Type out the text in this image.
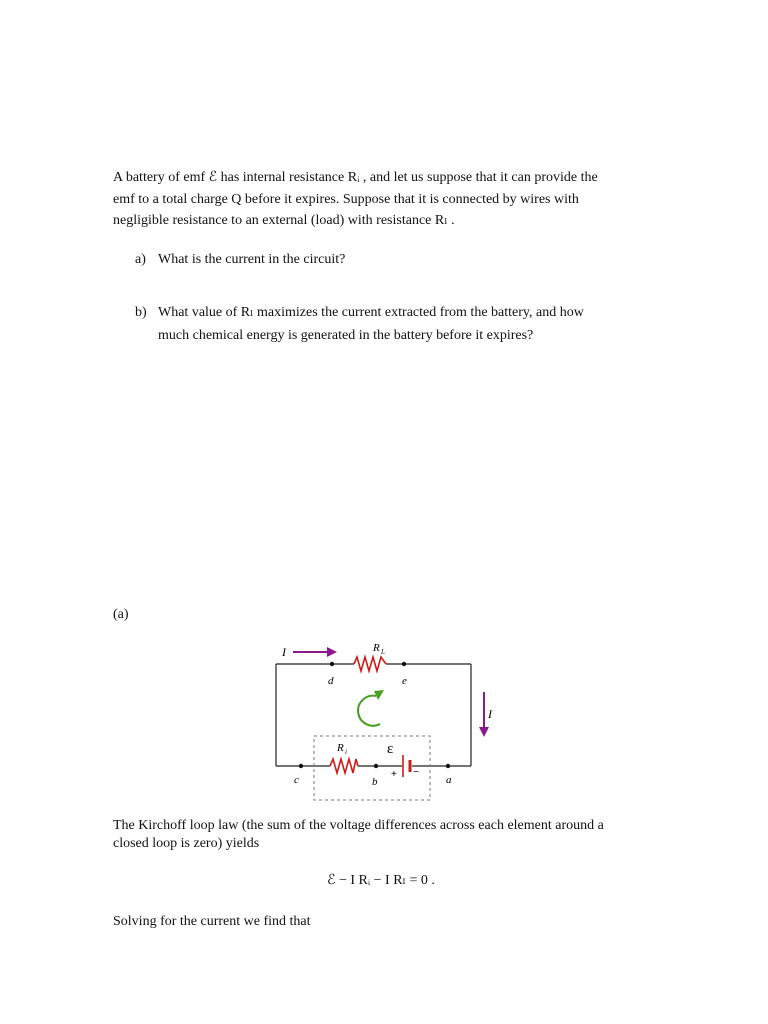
A battery of emf ℰ has internal resistance Rᵢ , and let us suppose that it can provide the
emf to a total charge Q before it expires. Suppose that it is connected by wires with
negligible resistance to an external (load) with resistance Rₗ .
a) What is the current in the circuit?
b) What value of Rₗ maximizes the current extracted from the battery, and how
much chemical energy is generated in the battery before it expires?
(a)
I
I
R L
R i	ε
+ −
d	e
c	b	a
The Kirchoff loop law (the sum of the voltage differences across each element around a
closed loop is zero) yields
ℰ − I Rᵢ − I Rₗ = 0 .
Solving for the current we find that
